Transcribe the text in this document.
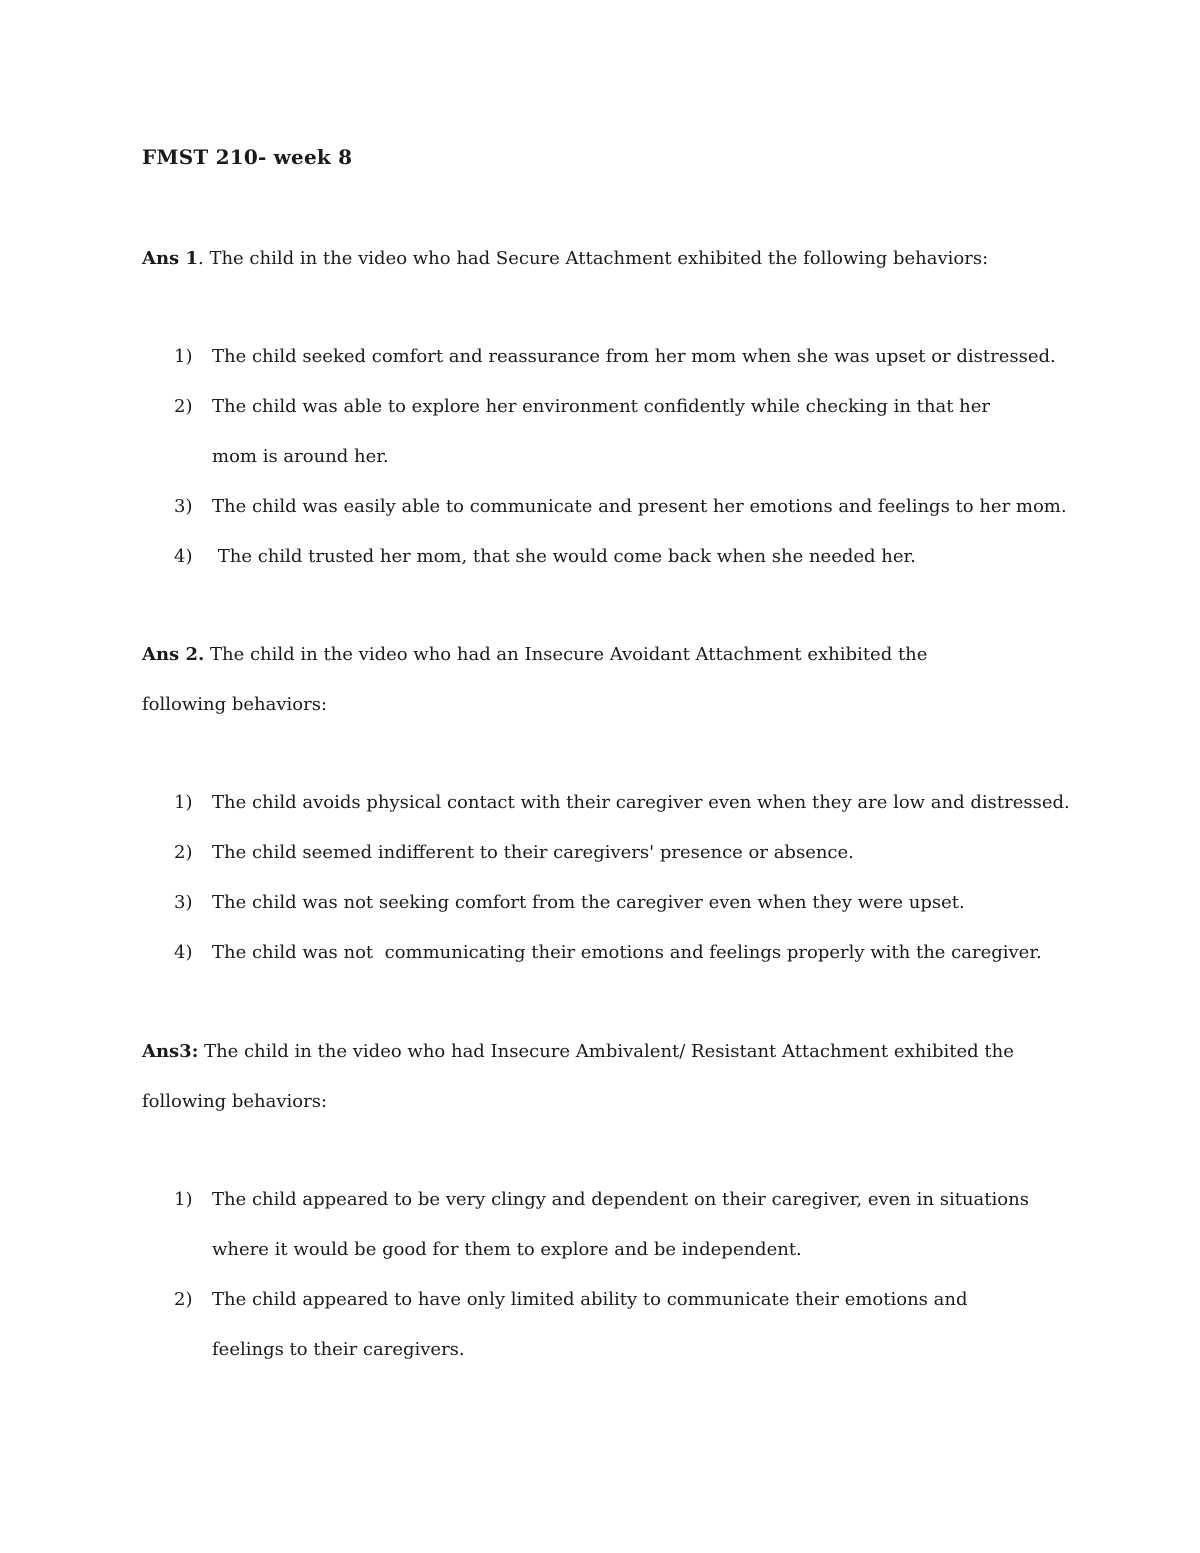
FMST 210- week 8
Ans 1. The child in the video who had Secure Attachment exhibited the following behaviors:
1) The child seeked comfort and reassurance from her mom when she was upset or distressed.
2) The child was able to explore her environment confidently while checking in that her mom is around her.
3) The child was easily able to communicate and present her emotions and feelings to her mom.
4) The child trusted her mom, that she would come back when she needed her.
Ans 2. The child in the video who had an Insecure Avoidant Attachment exhibited the following behaviors:
1) The child avoids physical contact with their caregiver even when they are low and distressed.
2) The child seemed indifferent to their caregivers' presence or absence.
3) The child was not seeking comfort from the caregiver even when they were upset.
4) The child was not  communicating their emotions and feelings properly with the caregiver.
Ans3: The child in the video who had Insecure Ambivalent/ Resistant Attachment exhibited the following behaviors:
1) The child appeared to be very clingy and dependent on their caregiver, even in situations where it would be good for them to explore and be independent.
2) The child appeared to have only limited ability to communicate their emotions and feelings to their caregivers.
